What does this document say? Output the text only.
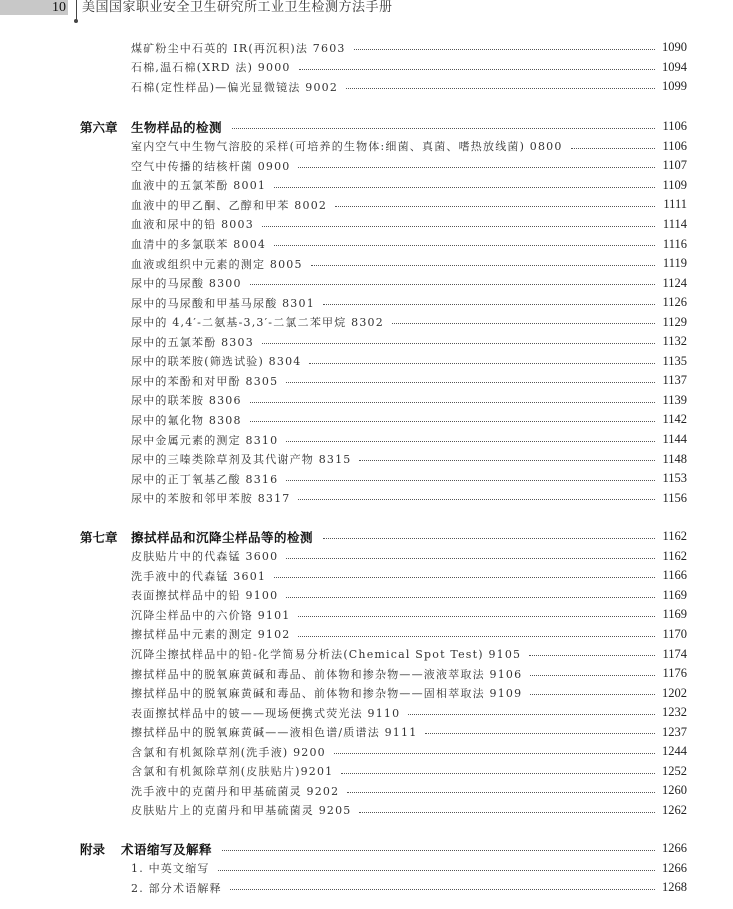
10 美国国家职业安全卫生研究所工业卫生检测方法手册
煤矿粉尘中石英的 IR(再沉积)法 7603	1090
石棉,温石棉(XRD 法) 9000	1094
石棉(定性样品)—偏光显微镜法 9002	1099
第六章 生物样品的检测	1106
室内空气中生物气溶胶的采样(可培养的生物体:细菌、真菌、嗜热放线菌) 0800	1106
空气中传播的结核杆菌 0900	1107
血液中的五氯苯酚 8001	1109
血液中的甲乙酮、乙醇和甲苯 8002	1111
血液和尿中的铅 8003	1114
血清中的多氯联苯 8004	1116
血液或组织中元素的测定 8005	1119
尿中的马尿酸 8300	1124
尿中的马尿酸和甲基马尿酸 8301	1126
尿中的 4,4′-二氨基-3,3′-二氯二苯甲烷 8302	1129
尿中的五氯苯酚 8303	1132
尿中的联苯胺(筛选试验) 8304	1135
尿中的苯酚和对甲酚 8305	1137
尿中的联苯胺 8306	1139
尿中的氟化物 8308	1142
尿中金属元素的测定 8310	1144
尿中的三嗪类除草剂及其代谢产物 8315	1148
尿中的正丁氧基乙酸 8316	1153
尿中的苯胺和邻甲苯胺 8317	1156
第七章 擦拭样品和沉降尘样品等的检测	1162
皮肤贴片中的代森锰 3600	1162
洗手液中的代森锰 3601	1166
表面擦拭样品中的铅 9100	1169
沉降尘样品中的六价铬 9101	1169
擦拭样品中元素的测定 9102	1170
沉降尘擦拭样品中的铅-化学简易分析法(Chemical Spot Test) 9105	1174
擦拭样品中的脱氧麻黄碱和毒品、前体物和掺杂物——液液萃取法 9106	1176
擦拭样品中的脱氧麻黄碱和毒品、前体物和掺杂物——固相萃取法 9109	1202
表面擦拭样品中的铍——现场便携式荧光法 9110	1232
擦拭样品中的脱氧麻黄碱——液相色谱/质谱法 9111	1237
含氯和有机氮除草剂(洗手液) 9200	1244
含氯和有机氮除草剂(皮肤贴片)9201	1252
洗手液中的克菌丹和甲基硫菌灵 9202	1260
皮肤贴片上的克菌丹和甲基硫菌灵 9205	1262
附录 术语缩写及解释	1266
1. 中英文缩写	1266
2. 部分术语解释	1268
